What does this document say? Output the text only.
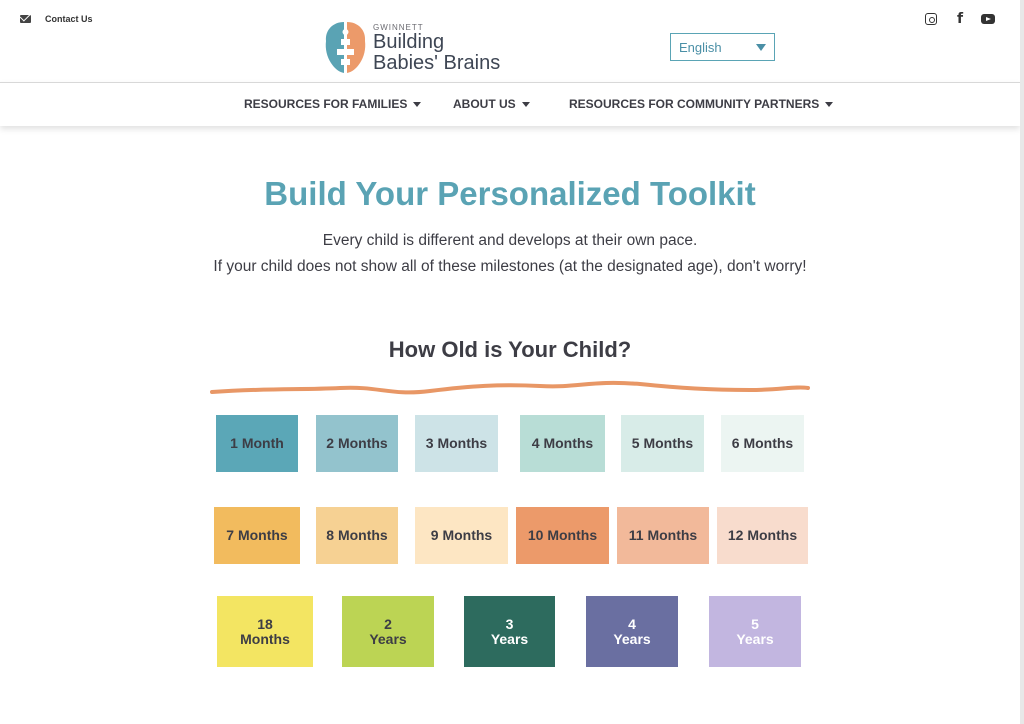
Contact Us
GWINNETT
Building
Babies' Brains
English
f
RESOURCES FOR FAMILIES	ABOUT US	RESOURCES FOR COMMUNITY PARTNERS
Build Your Personalized Toolkit
Every child is different and develops at their own pace.
If your child does not show all of these milestones (at the designated age), don't worry!
How Old is Your Child?
1 Month	2 Months	3 Months	4 Months	5 Months	6 Months
7 Months	8 Months	9 Months	10 Months 11 Months 12 Months
18
Months
2
Years
3
Years
4
Years
5
Years
